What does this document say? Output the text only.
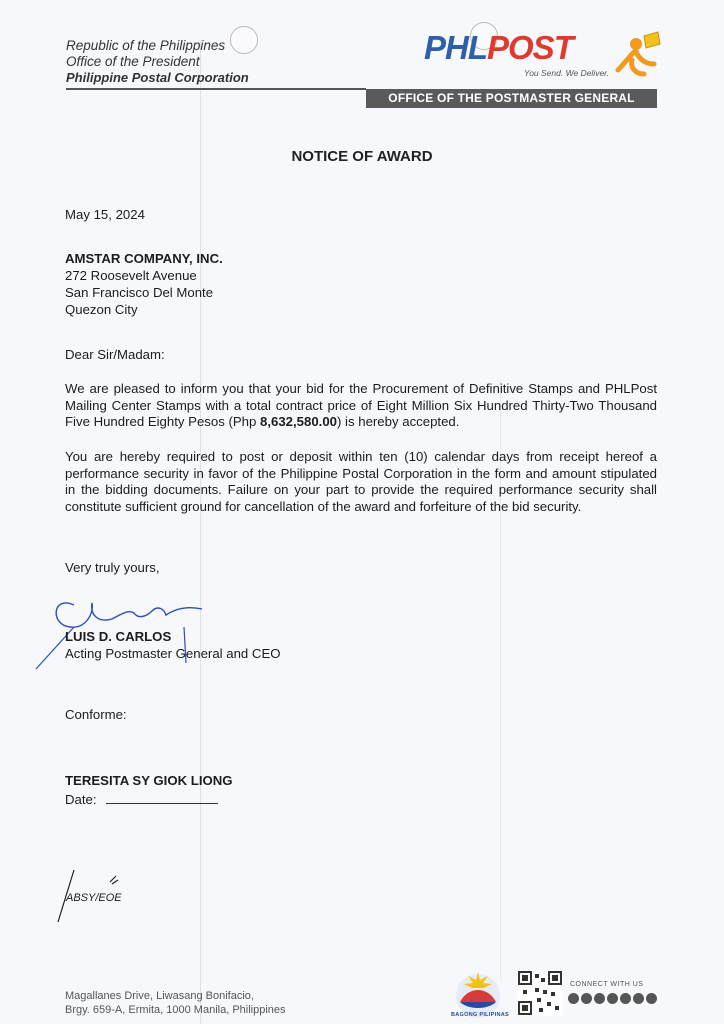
Republic of the Philippines
Office of the President
Philippine Postal Corporation
PHLPOST
You Send. We Deliver.
OFFICE OF THE POSTMASTER GENERAL
NOTICE OF AWARD
May 15, 2024
AMSTAR COMPANY, INC.
272 Roosevelt Avenue
San Francisco Del Monte
Quezon City
Dear Sir/Madam:
We are pleased to inform you that your bid for the Procurement of Definitive Stamps and PHLPost Mailing Center Stamps with a total contract price of Eight Million Six Hundred Thirty-Two Thousand Five Hundred Eighty Pesos (Php 8,632,580.00) is hereby accepted.
You are hereby required to post or deposit within ten (10) calendar days from receipt hereof a performance security in favor of the Philippine Postal Corporation in the form and amount stipulated in the bidding documents. Failure on your part to provide the required performance security shall constitute sufficient ground for cancellation of the award and forfeiture of the bid security.
Very truly yours,
LUIS D. CARLOS
Acting Postmaster General and CEO
Conforme:
TERESITA SY GIOK LIONG
Date:
ABSY/EOE
Magallanes Drive, Liwasang Bonifacio,
Brgy. 659-A, Ermita, 1000 Manila, Philippines	BAGONG PILIPINAS
CONNECT WITH US
